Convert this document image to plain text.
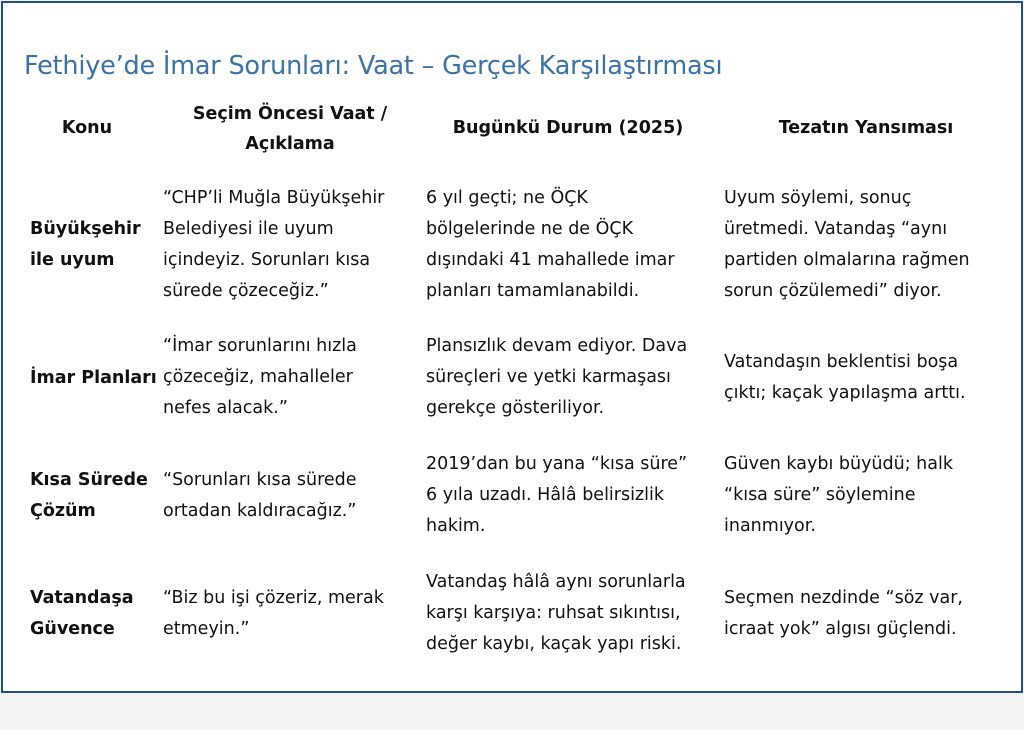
Fethiye’de İmar Sorunları: Vaat – Gerçek Karşılaştırması
Konu
Seçim Öncesi Vaat /
Açıklama
Bugünkü Durum (2025)	Tezatın Yansıması
Büyükşehir
ile uyum
“CHP’li Muğla Büyükşehir
Belediyesi ile uyum
içindeyiz. Sorunları kısa
sürede çözeceğiz.”
6 yıl geçti; ne ÖÇK
bölgelerinde ne de ÖÇK
dışındaki 41 mahallede imar
planları tamamlanabildi.
Uyum söylemi, sonuç
üretmedi. Vatandaş “aynı
partiden olmalarına rağmen
sorun çözülemedi” diyor.
İmar Planları
“İmar sorunlarını hızla
çözeceğiz, mahalleler
nefes alacak.”
Plansızlık devam ediyor. Dava
süreçleri ve yetki karmaşası
gerekçe gösteriliyor.
Vatandaşın beklentisi boşa
çıktı; kaçak yapılaşma arttı.
Kısa Sürede
Çözüm
“Sorunları kısa sürede
ortadan kaldıracağız.”
2019’dan bu yana “kısa süre”
6 yıla uzadı. Hâlâ belirsizlik
hakim.
Güven kaybı büyüdü; halk
“kısa süre” söylemine
inanmıyor.
Vatandaşa
Güvence
“Biz bu işi çözeriz, merak
etmeyin.”
Vatandaş hâlâ aynı sorunlarla
karşı karşıya: ruhsat sıkıntısı,
değer kaybı, kaçak yapı riski.
Seçmen nezdinde “söz var,
icraat yok” algısı güçlendi.
